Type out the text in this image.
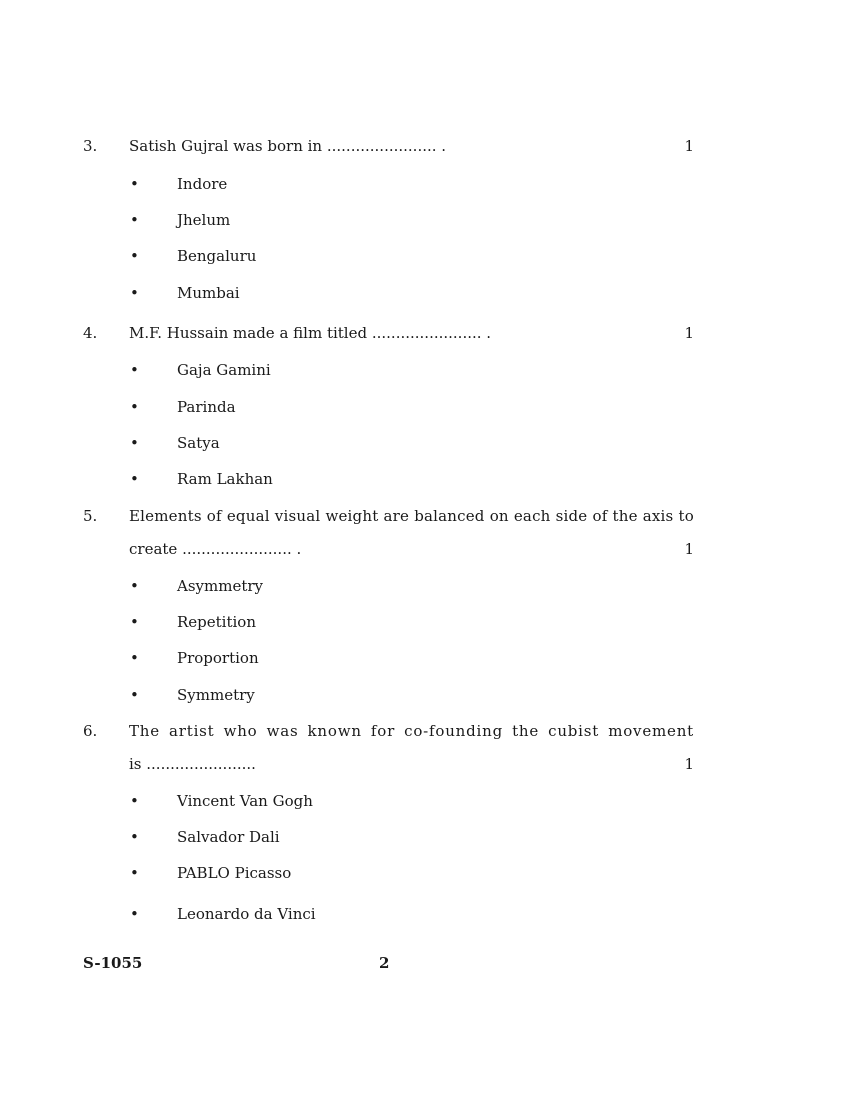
3. Satish Gujral was born in ....................... .	1
•	Indore
•	Jhelum
•	Bengaluru
•	Mumbai
4. M.F. Hussain made a film titled ....................... .	1
•	Gaja Gamini
•	Parinda
•	Satya
•	Ram Lakhan
5. Elements of equal visual weight are balanced on each side of the axis to
create ....................... .	1
•	Asymmetry
•	Repetition
•	Proportion
•	Symmetry
6. The artist who was known for co-founding the cubist movement
is .......................	1
•	Vincent Van Gogh
•	Salvador Dali
•	PABLO Picasso
•	Leonardo da Vinci
S-1055	2
